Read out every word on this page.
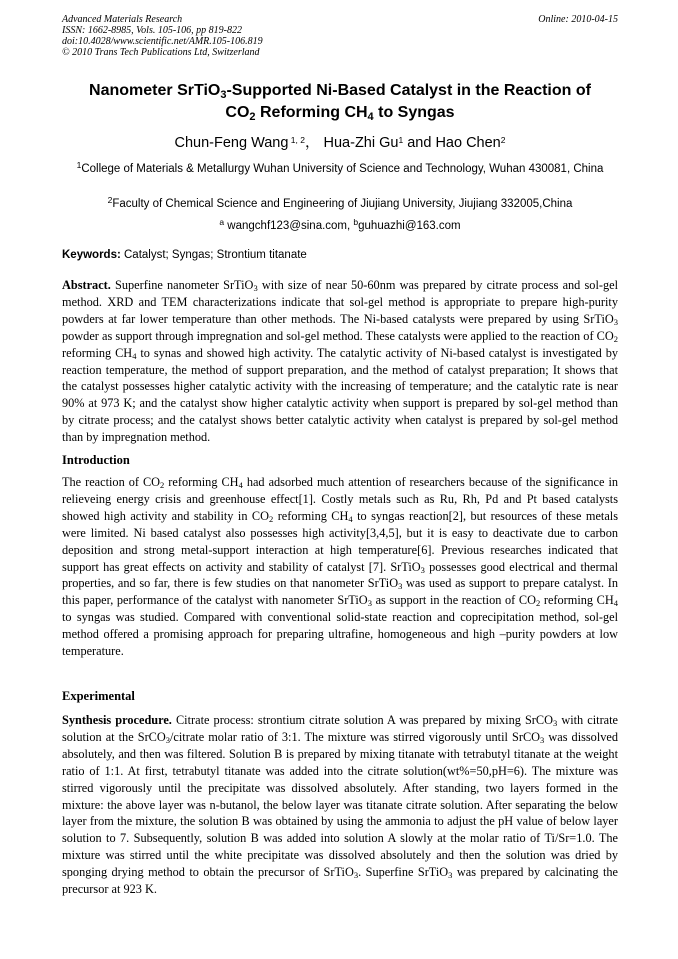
Advanced Materials Research
ISSN: 1662-8985, Vols. 105-106, pp 819-822
doi:10.4028/www.scientific.net/AMR.105-106.819
© 2010 Trans Tech Publications Ltd, Switzerland
Online: 2010-04-15
Nanometer SrTiO$_3$-Supported Ni-Based Catalyst in the Reaction of
$CO_2$ Reforming $CH_4$ to Syngas
Chun-Feng Wang $^{1, 2}$， Hua-Zhi Gu$^1$ and Hao Chen$^2$
$^1$College of Materials & Metallurgy Wuhan University of Science and Technology, Wuhan 430081, China
$^2$Faculty of Chemical Science and Engineering of Jiujiang University, Jiujiang 332005,China
$^a$ wangchf123@sina.com, $^b$guhuazhi@163.com
Keywords: Catalyst; Syngas; Strontium titanate
Abstract. Superfine nanometer SrTiO$_3$ with size of near 50-60nm was prepared by citrate process and sol-gel method. XRD and TEM characterizations indicate that sol-gel method is appropriate to prepare high-purity powders at far lower temperature than other methods. The Ni-based catalysts were prepared by using SrTiO$_3$ powder as support through impregnation and sol-gel method. These catalysts were applied to the reaction of $CO_2$ reforming $CH_4$ to synas and showed high activity. The catalytic activity of Ni-based catalyst is investigated by reaction temperature, the method of support preparation, and the method of catalyst preparation; It shows that the catalyst possesses higher catalytic activity with the increasing of temperature; and the catalytic rate is near 90% at 973 K; and the catalyst show higher catalytic activity when support is prepared by sol-gel method than by citrate process; and the catalyst shows better catalytic activity when catalyst is prepared by sol-gel method than by impregnation method.
Introduction
The reaction of $CO_2$ reforming $CH_4$ had adsorbed much attention of researchers because of the significance in relieveing energy crisis and greenhouse effect[1]. Costly metals such as Ru, Rh, Pd and Pt based catalysts showed high activity and stability in $CO_2$ reforming $CH_4$ to syngas reaction[2], but resources of these metals were limited. Ni based catalyst also possesses high activity[3,4,5], but it is easy to deactivate due to carbon deposition and strong metal-support interaction at high temperature[6]. Previous researches indicated that support has great effects on activity and stability of catalyst [7]. SrTiO$_3$ possesses good electrical and thermal properties, and so far, there is few studies on that nanometer SrTiO$_3$ was used as support to prepare catalyst. In this paper, performance of the catalyst with nanometer SrTiO$_3$ as support in the reaction of $CO_2$ reforming $CH_4$ to syngas was studied. Compared with conventional solid-state reaction and coprecipitation method, sol-gel method offered a promising approach for preparing ultrafine, homogeneous and high –purity powders at low temperature.
Experimental
Synthesis procedure. Citrate process: strontium citrate solution A was prepared by mixing SrCO$_3$ with citrate solution at the SrCO$_3$/citrate molar ratio of 3:1. The mixture was stirred vigorously until SrCO$_3$ was dissolved absolutely, and then was filtered. Solution B is prepared by mixing titanate with tetrabutyl titanate at the weight ratio of 1:1. At first, tetrabutyl titanate was added into the citrate solution(wt%=50,pH=6). The mixture was stirred vigorously until the precipitate was dissolved absolutely. After standing, two layers formed in the mixture: the above layer was n-butanol, the below layer was titanate citrate solution. After separating the below layer from the mixture, the solution B was obtained by using the ammonia to adjust the pH value of below layer solution to 7. Subsequently, solution B was added into solution A slowly at the molar ratio of Ti/Sr=1.0. The mixture was stirred until the white precipitate was dissolved absolutely and then the solution was dried by sponging drying method to obtain the precursor of SrTiO$_3$. Superfine SrTiO$_3$ was prepared by calcinating the precursor at 923 K.
